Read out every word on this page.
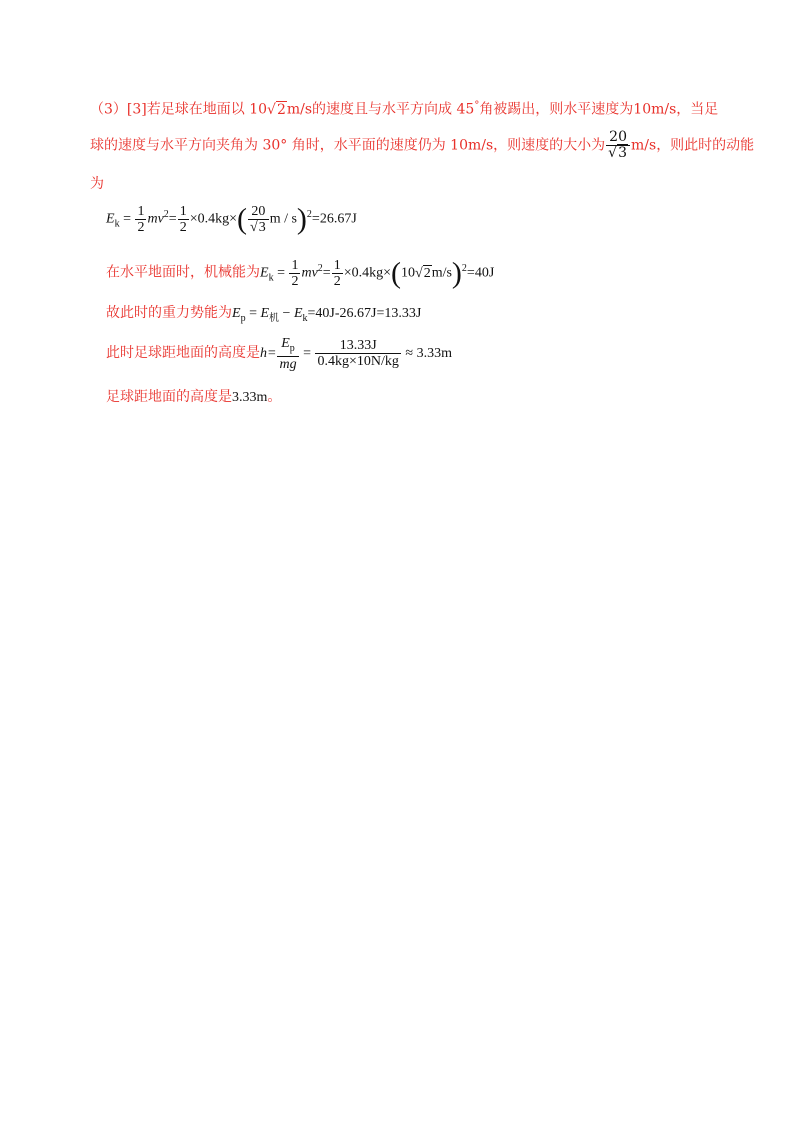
（3）[3]若足球在地面以 10√2m/s的速度且与水平方向成 45°角被踢出，则水平速度为10m/s，当足
球的速度与水平方向夹角为 30° 角时，水平面的速度仍为 10m/s，则速度的大小为 $\frac{20}{√3} m/s$，则此时的动能
为
$E_k = \frac{1}{2} mv^2= \frac{1}{2} \times 0.4kg\times( \frac{20}{√3}$ m / s)$^2$=26.67J
在水平地面时，机械能为$E_k = \frac{1}{2} mv^2= \frac{1}{2} \times 0.4kg\times(10√2m/s)^2=40J$
故此时的重力势能为$E_p = E_机 - E_k=40J-26.67J=13.33J$
此时足球距地面的高度是$h= \frac{E_p}{mg} = \frac{13.33J}{0.4kg\times 10N/kg} \approx 3.33m$
足球距地面的高度是3.33m。
